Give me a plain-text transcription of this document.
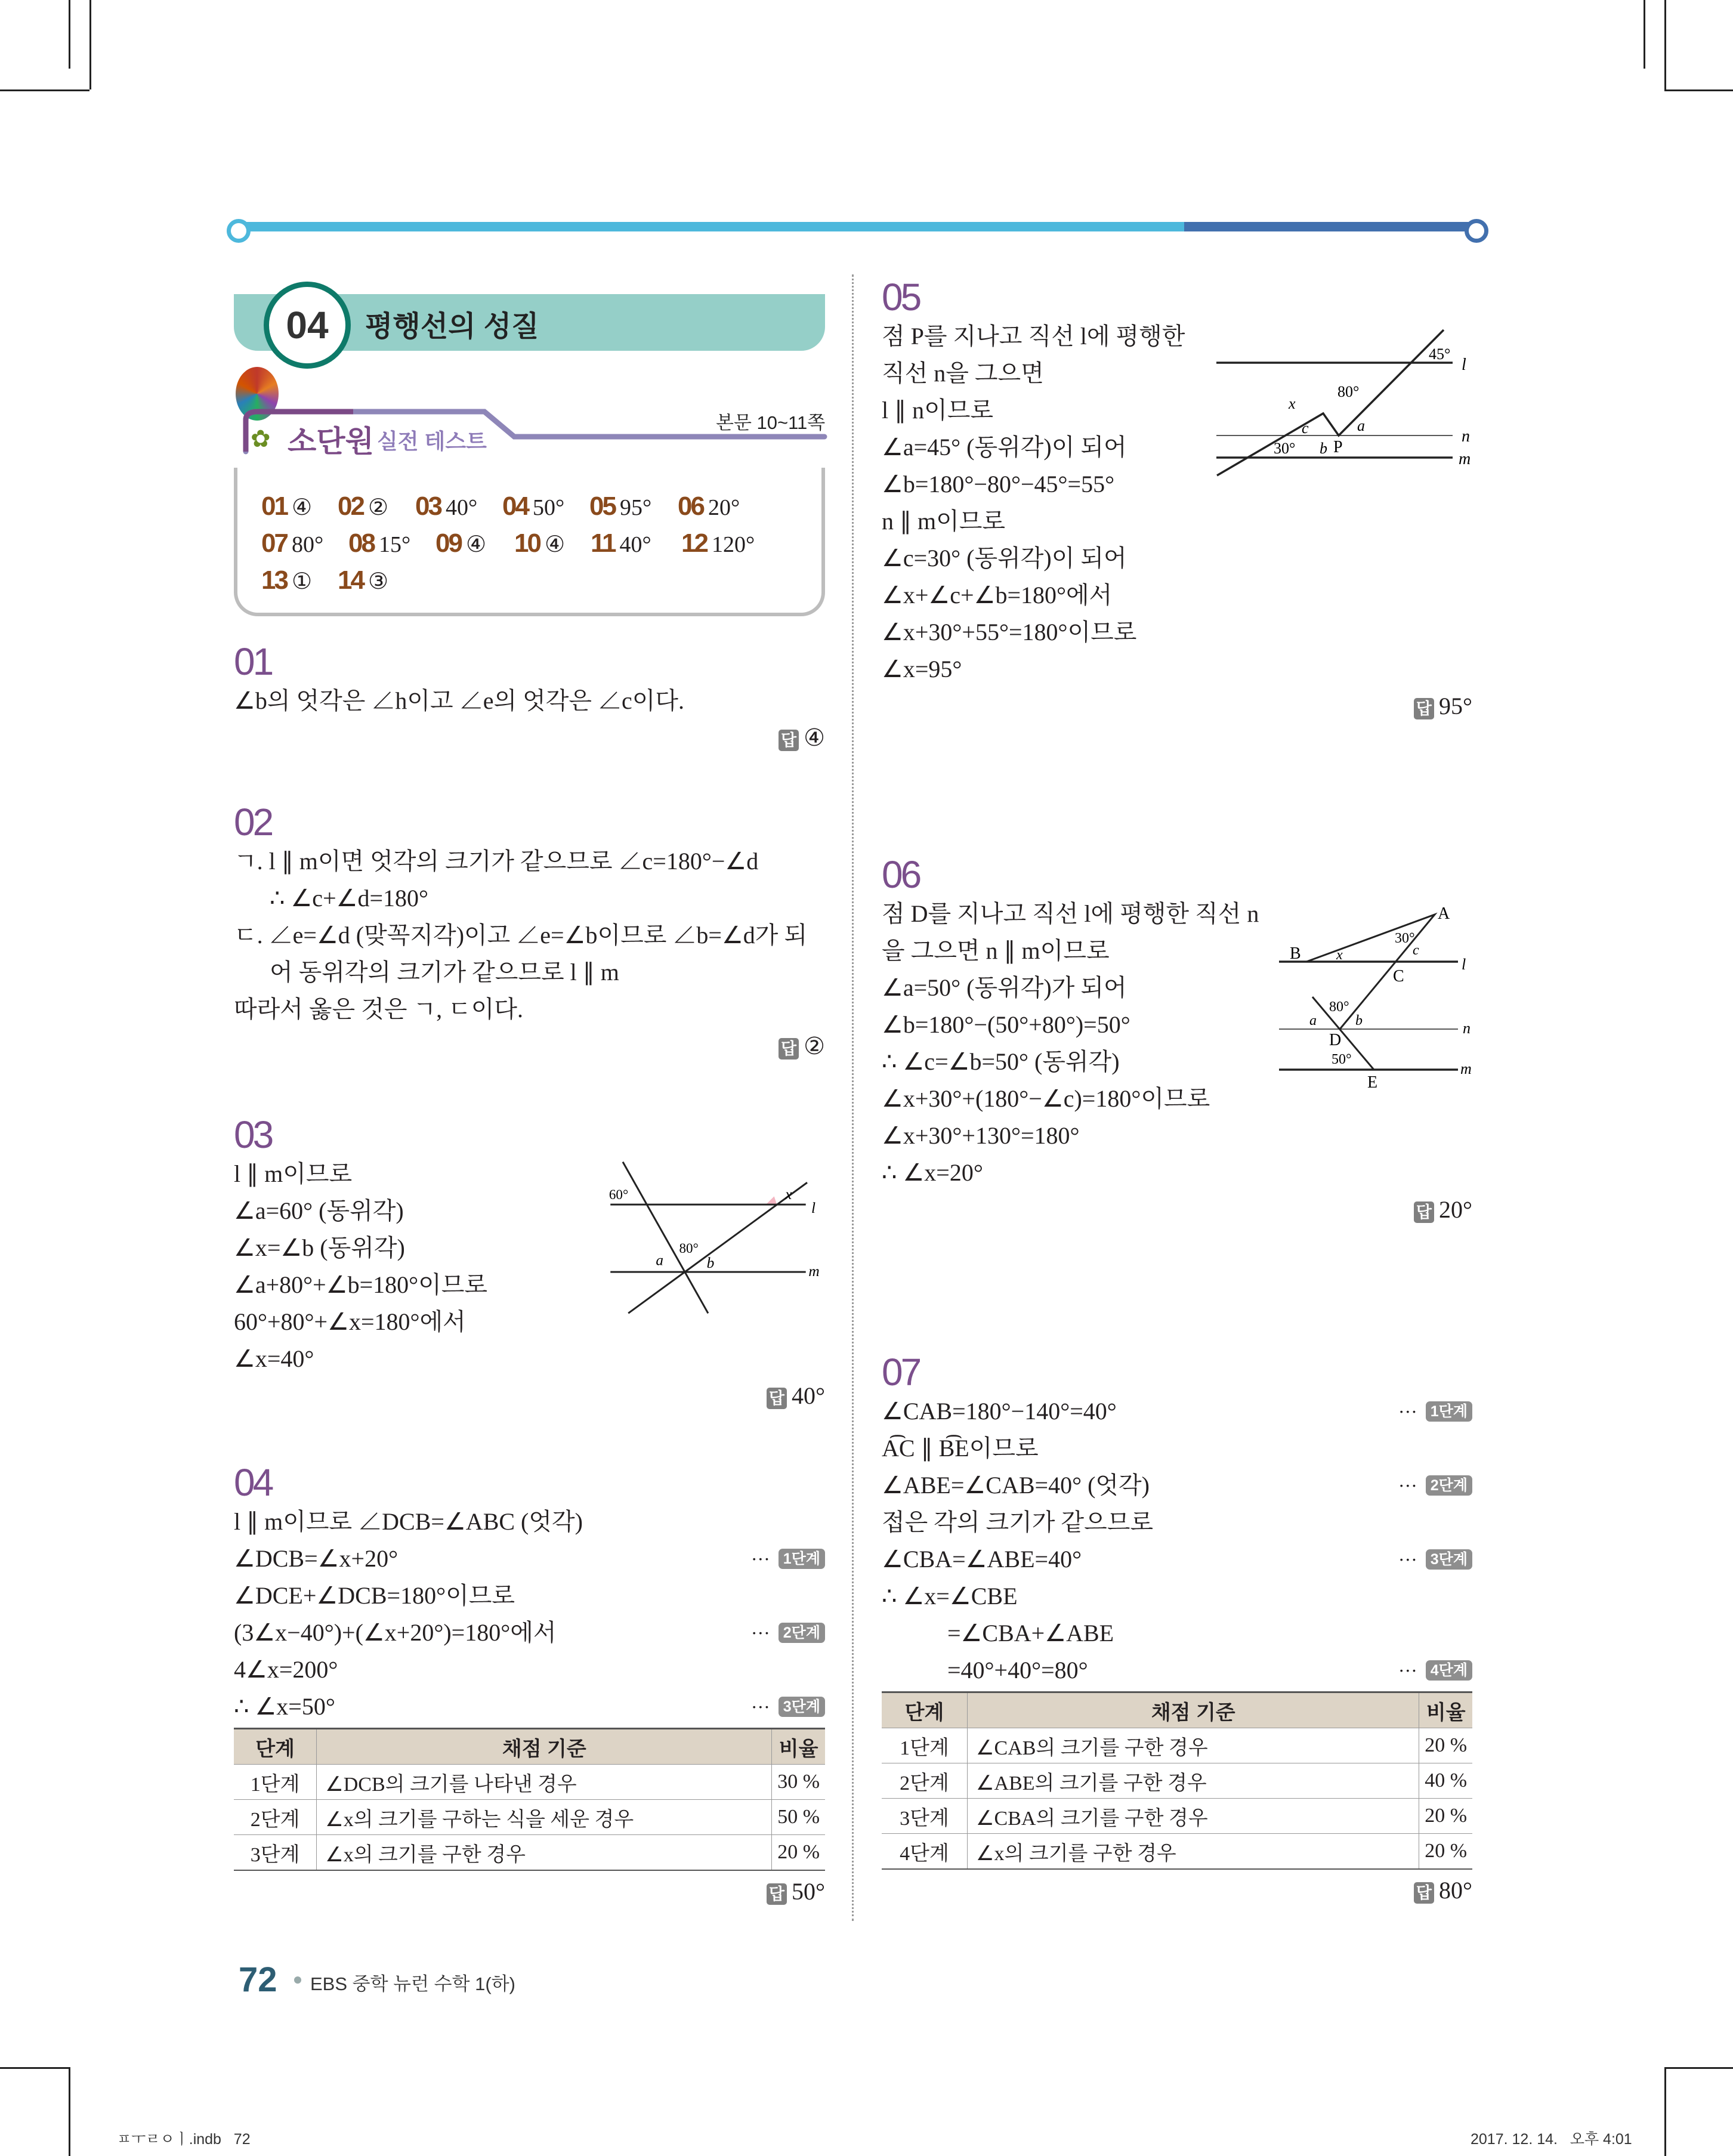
04	평행선의 성질
✿ 소단원 실전 테스트
본문 10~11쪽
01 ④ 02 ② 03 40° 04 50° 05 95° 06 20°
07 80° 08 15° 09 ④ 10 ④ 11 40° 12 120°
13 ① 14 ③
01
∠b의 엇각은 ∠h이고 ∠e의 엇각은 ∠c이다.
답 ④
02
ㄱ. l ∥ m이면 엇각의 크기가 같으므로 ∠c=180°−∠d
∴ ∠c+∠d=180°
ㄷ. ∠e=∠d (맞꼭지각)이고 ∠e=∠b이므로 ∠b=∠d가 되
어 동위각의 크기가 같으므로 l ∥ m
따라서 옳은 것은 ㄱ, ㄷ이다.
답 ②
03
l ∥ m이므로
∠a=60° (동위각)
∠x=∠b (동위각)
∠a+80°+∠b=180°이므로
60°+80°+∠x=180°에서
∠x=40°
답 40°
04
l ∥ m이므로 ∠DCB=∠ABC (엇각)
∠DCB=∠x+20°	··· 1단계
∠DCE+∠DCB=180°이므로
(3∠x−40°)+(∠x+20°)=180°에서	··· 2단계
4∠x=200°
∴ ∠x=50°	··· 3단계
단계	채점 기준	비율
1단계	∠DCB의 크기를 나타낸 경우	30 %
2단계	∠x의 크기를 구하는 식을 세운 경우	50 %
3단계	∠x의 크기를 구한 경우	20 %
답 50°
05
점 P를 지나고 직선 l에 평행한
직선 n을 그으면
l ∥ n이므로
∠a=45° (동위각)이 되어
∠b=180°−80°−45°=55°
n ∥ m이므로
∠c=30° (동위각)이 되어
∠x+∠c+∠b=180°에서
∠x+30°+55°=180°이므로
∠x=95°
답 95°
06
점 D를 지나고 직선 l에 평행한 직선 n
을 그으면 n ∥ m이므로
∠a=50° (동위각)가 되어
∠b=180°−(50°+80°)=50°
∴ ∠c=∠b=50° (동위각)
∠x+30°+(180°−∠c)=180°이므로
∠x+30°+130°=180°
∴ ∠x=20°
답 20°
07
∠CAB=180°−140°=40°	··· 1단계
A͡C ∥ B͡E이므로
∠ABE=∠CAB=40° (엇각)	··· 2단계
접은 각의 크기가 같으므로
∠CBA=∠ABE=40°	··· 3단계
∴ ∠x=∠CBE
=∠CBA+∠ABE
=40°+40°=80°	··· 4단계
단계	채점 기준	비율
1단계	∠CAB의 크기를 구한 경우	20 %
2단계	∠ABE의 크기를 구한 경우	40 %
3단계	∠CBA의 크기를 구한 경우	20 %
4단계	∠x의 크기를 구한 경우	20 %
답 80°
60°	x
l
80°
a	b	m
45°
l
80°
x
a
c	n
30° b P
m
A
B x
30°
c
C
l
80°
a	b
D
n
50°
E
m
72 EBS 중학 뉴런 수학 1(하)
ㅍㅜㄹㅇㅣ.indb   72	2017. 12. 14.   오후 4:01
